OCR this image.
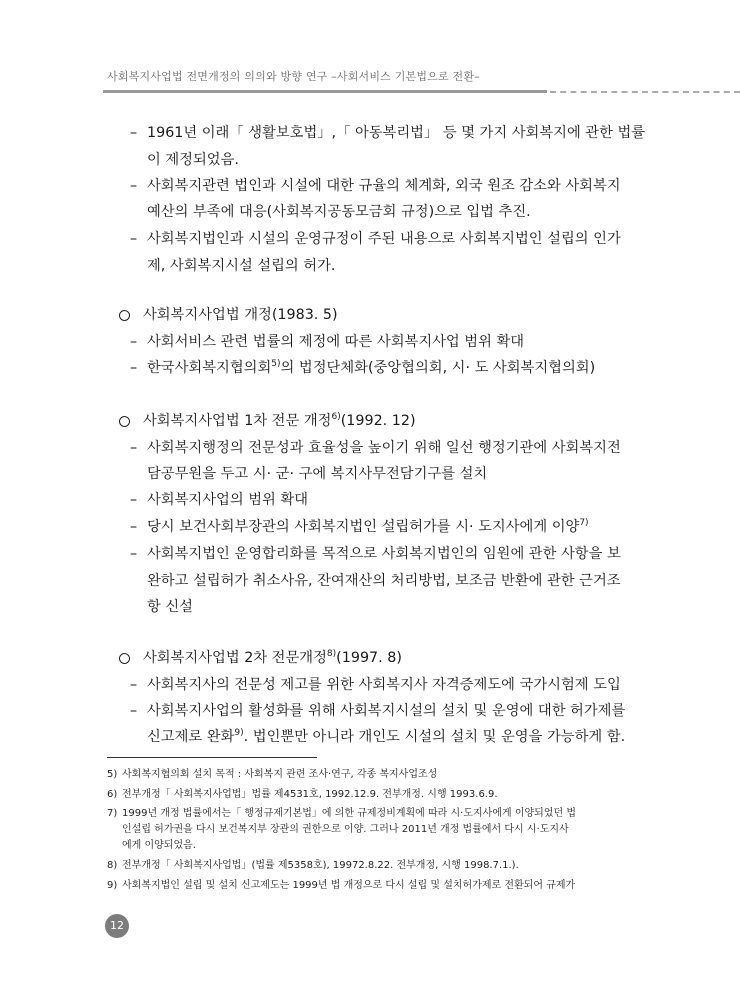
사회복지사업법 전면개정의 의의와 방향 연구 –사회서비스 기본법으로 전환–
– 1961년 이래「 생활보호법」,「 아동복리법」 등 몇 가지 사회복지에 관한 법률
이 제정되었음.
– 사회복지관련 법인과 시설에 대한 규율의 체계화, 외국 원조 감소와 사회복지
예산의 부족에 대응(사회복지공동모금회 규정)으로 입법 추진.
– 사회복지법인과 시설의 운영규정이 주된 내용으로 사회복지법인 설립의 인가
제, 사회복지시설 설립의 허가.
사회복지사업법 개정(1983. 5)
– 사회서비스 관련 법률의 제정에 따른 사회복지사업 범위 확대
– 한국사회복지협의회$^{5)}$의 법정단체화(중앙협의회, 시· 도 사회복지협의회)
사회복지사업법 1차 전문 개정$^{6)}$(1992. 12)
– 사회복지행정의 전문성과 효율성을 높이기 위해 일선 행정기관에 사회복지전
담공무원을 두고 시· 군· 구에 복지사무전담기구를 설치
– 사회복지사업의 범위 확대
– 당시 보건사회부장관의 사회복지법인 설립허가를 시· 도지사에게 이양$^{7)}$
– 사회복지법인 운영합리화를 목적으로 사회복지법인의 임원에 관한 사항을 보
완하고 설립허가 취소사유, 잔여재산의 처리방법, 보조금 반환에 관한 근거조
항 신설
사회복지사업법 2차 전문개정$^{8)}$(1997. 8)
– 사회복지사의 전문성 제고를 위한 사회복지사 자격증제도에 국가시험제 도입
– 사회복지사업의 활성화를 위해 사회복지시설의 설치 및 운영에 대한 허가제를
신고제로 완화$^{9)}$. 법인뿐만 아니라 개인도 시설의 설치 및 운영을 가능하게 함.
5) 사회복지협의회 설치 목적 : 사회복지 관련 조사·연구, 각종 복지사업조성
6) 전부개정「 사회복지사업법」법률 제4531호, 1992.12.9. 전부개정. 시행 1993.6.9.
7) 1999년 개정 법률에서는「 행정규제기본법」에 의한 규제정비계획에 따라 시·도지사에게 이양되었던 법
인설립 허가권을 다시 보건복지부 장관의 권한으로 이양. 그러나 2011년 개정 법률에서 다시 시·도지사
에게 이양되었음.
8) 전부개정「 사회복지사업법」(법률 제5358호), 19972.8.22. 전부개정, 시행 1998.7.1.).
9) 사회복지법인 설립 및 설치 신고제도는 1999년 법 개정으로 다시 설립 및 설치허가제로 전환되어 규제가
12
